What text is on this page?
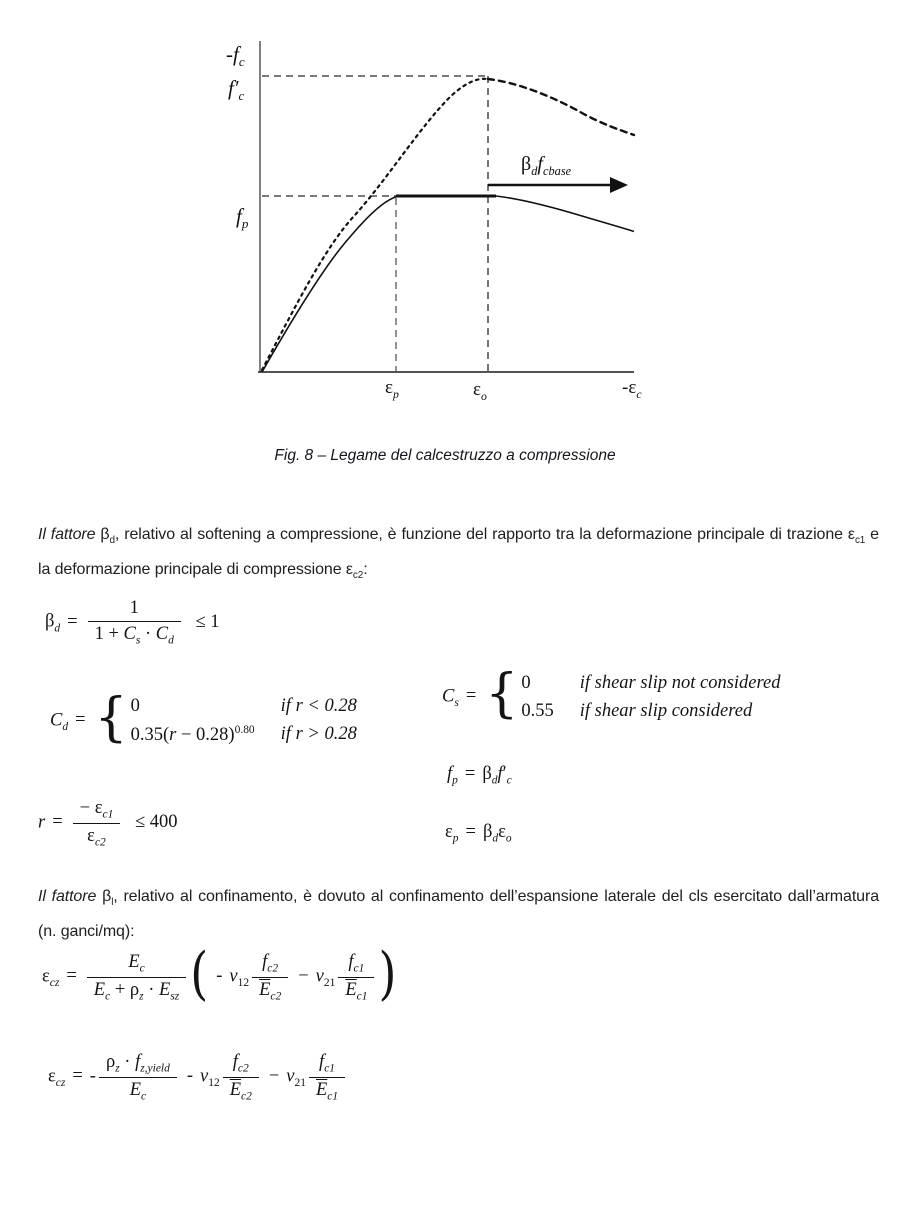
$-f_c$
$f'_c$
$f_p$
$\beta_df_{cbase}$
$\varepsilon_p$	$\varepsilon_o$	$-\varepsilon_c$
Fig. 8 – Legame del calcestruzzo a compressione
Il fattore $\beta_d$, relativo al softening a compressione, è funzione del rapporto tra la deformazione principale di trazione $\varepsilon_{c1}$ e la deformazione principale di compressione $\varepsilon_{c2}$:
$\beta_d = \frac{1}{1 + C_s \cdot C_d} \le 1$
$C_d$ = { 0	if r < 0.28
$0.35(r - 0.28)^{0.80}$ if r > 0.28
$C_s$ = { 0	if shear slip not considered
0.55 if shear slip considered
$f_p = \beta_df'_c$
$r = \frac{- \varepsilon_{c1}}{\varepsilon_{c2}} \le 400$	$\varepsilon_p = \beta_d\varepsilon_o$
Il fattore $\beta_l$, relativo al confinamento, è dovuto al confinamento dell’espansione laterale del cls esercitato dall’armatura (n. ganci/mq):
$\varepsilon_{cz} = \frac{E_c}{E_c + \rho_z \cdot E_{sz}}$ ( - $\nu_{12} \frac{f_{c2}}{\overline{E}_{c2}} - \nu_{21} \frac{f_{c1}}{\overline{E}_{c1}}$ )
$\varepsilon_{cz}$ = - $\frac{\rho_z \cdot f_{z,yield}}{E_c} - \nu_{12} \frac{f_{c2}}{\overline{E}_{c2}} - \nu_{21} \frac{f_{c1}}{\overline{E}_{c1}}$
